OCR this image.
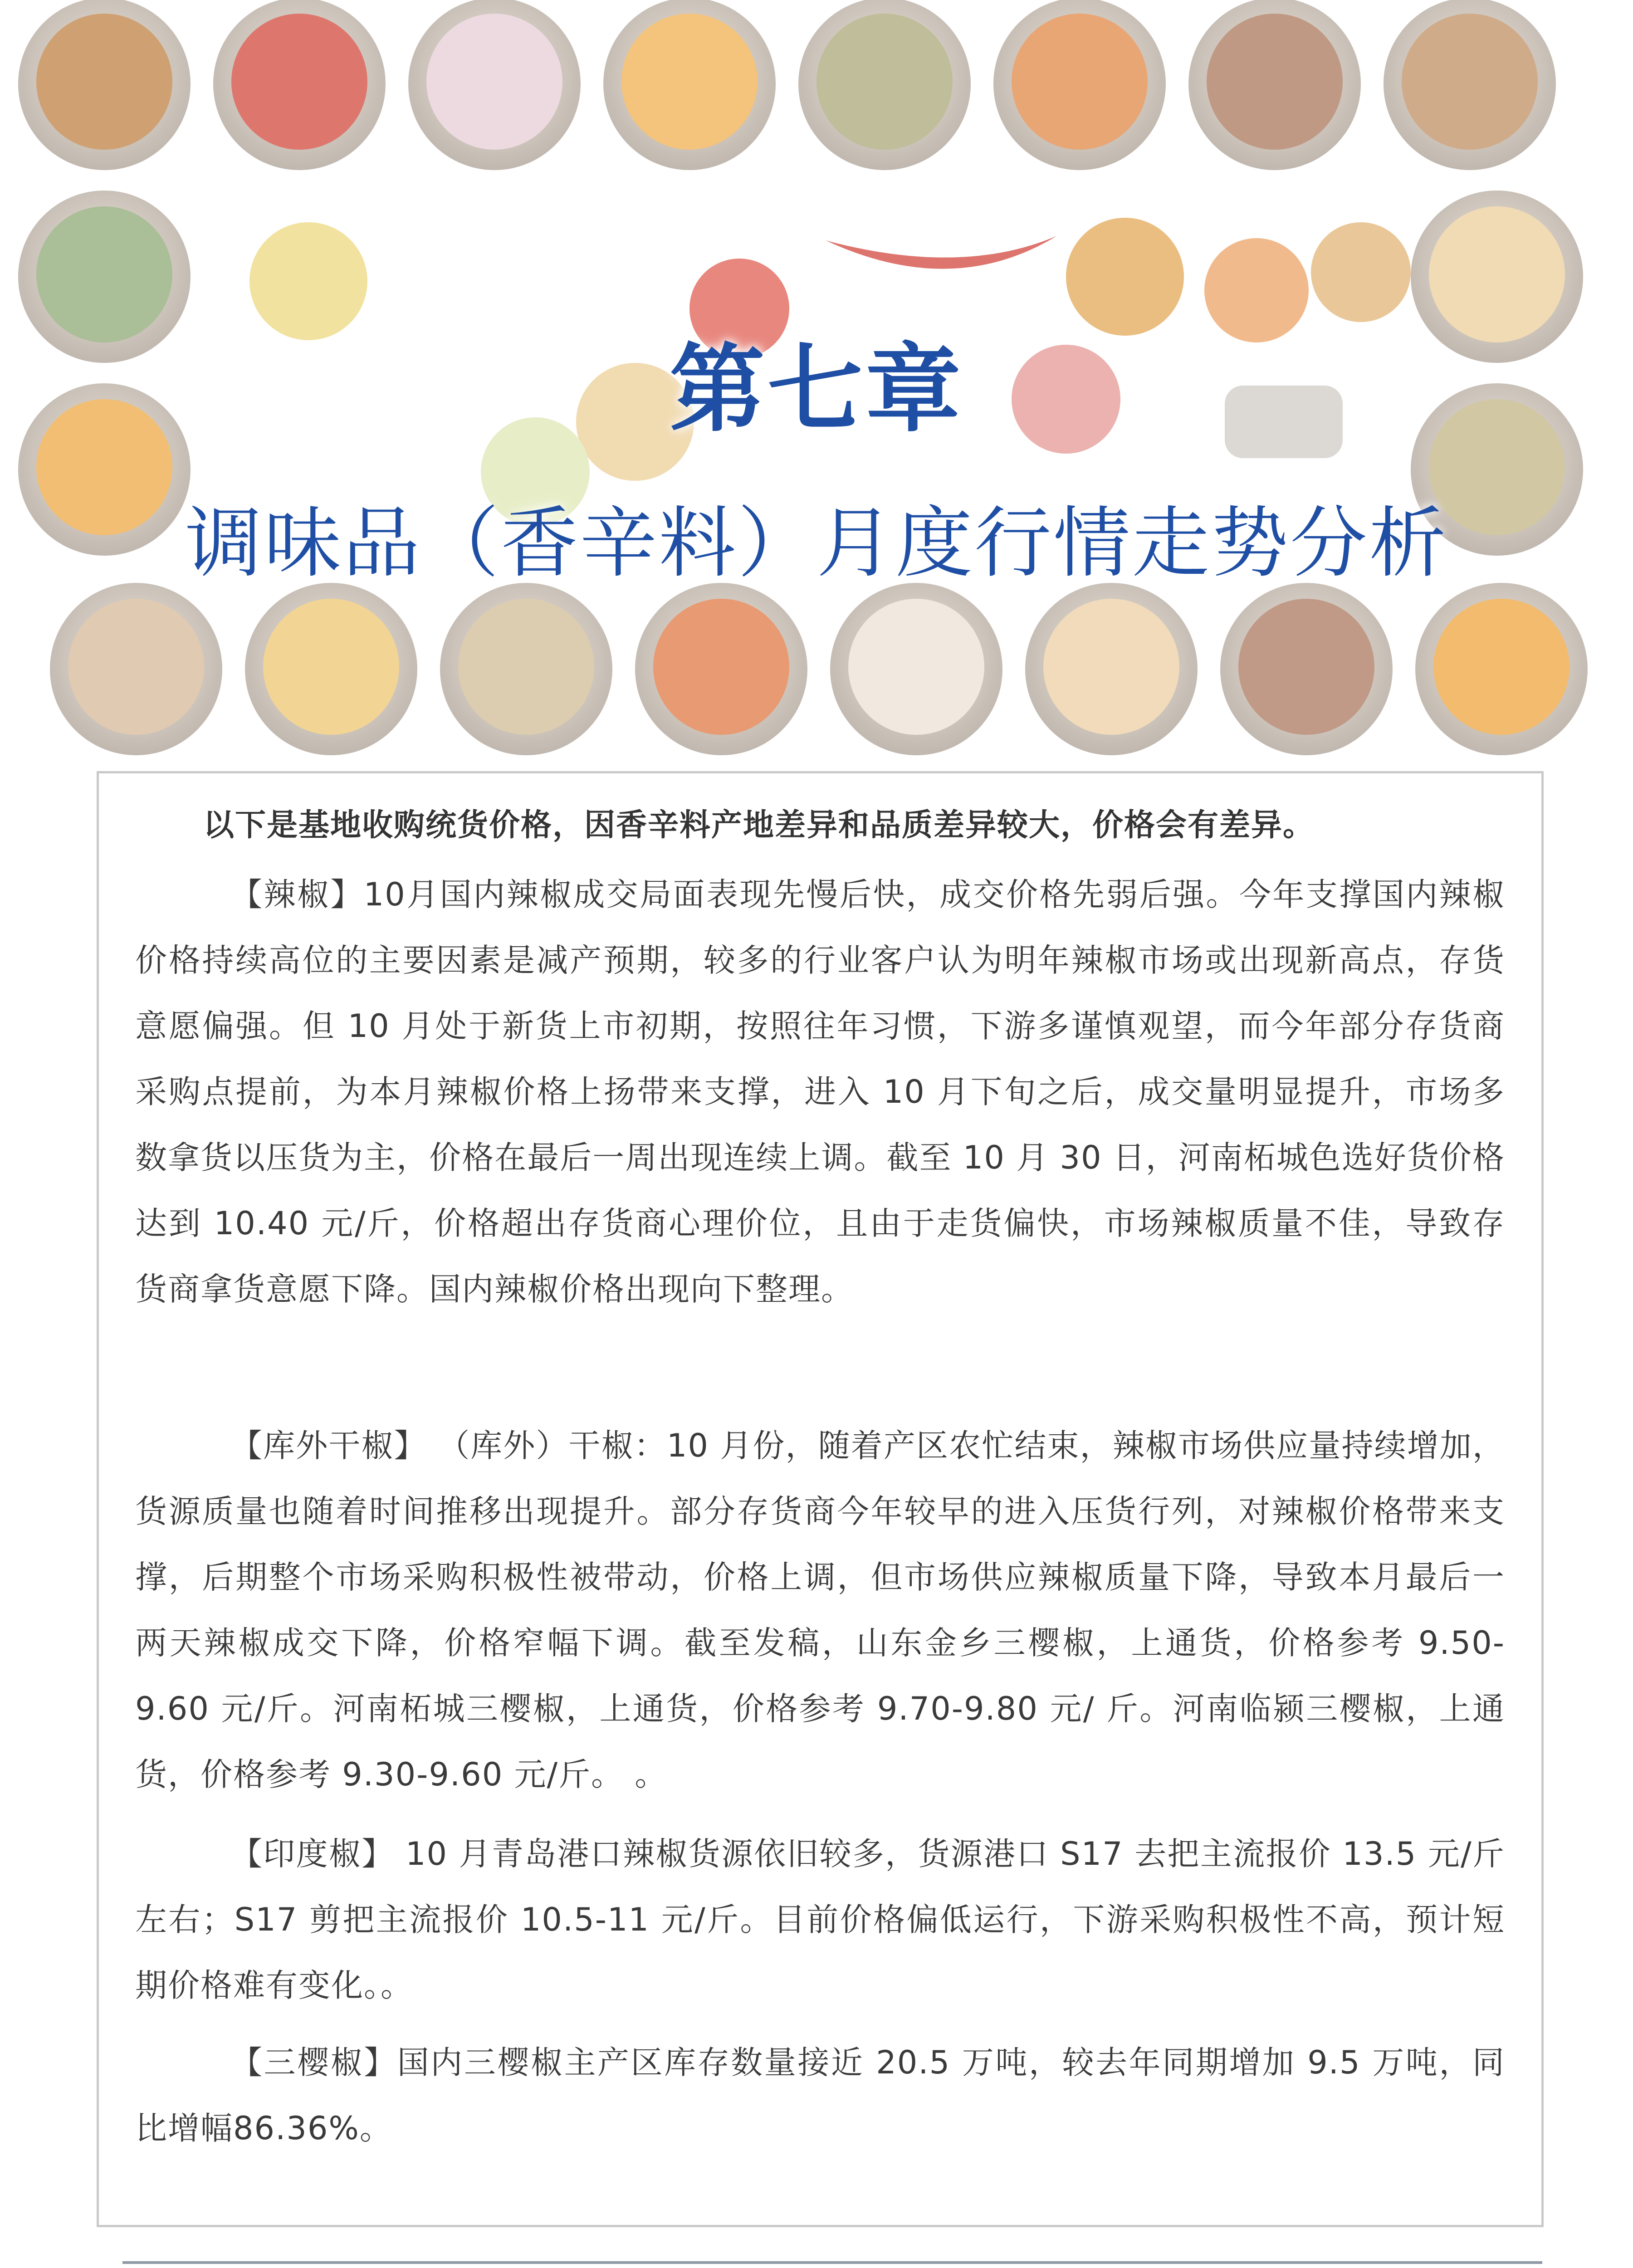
第七章
调味品（香辛料）月度行情走势分析
以下是基地收购统货价格，因香辛料产地差异和品质差异较大，价格会有差异。
【辣椒】10月国内辣椒成交局面表现先慢后快，成交价格先弱后强。今年支撑国内辣椒价格持续高位的主要因素是减产预期，较多的行业客户认为明年辣椒市场或出现新高点，存货意愿偏强。但 10 月处于新货上市初期，按照往年习惯，下游多谨慎观望，而今年部分存货商采购点提前，为本月辣椒价格上扬带来支撑，进入 10 月下旬之后，成交量明显提升，市场多数拿货以压货为主，价格在最后一周出现连续上调。截至 10 月 30 日，河南柘城色选好货价格达到 10.40 元/斤，价格超出存货商心理价位，且由于走货偏快，市场辣椒质量不佳，导致存货商拿货意愿下降。国内辣椒价格出现向下整理。
【库外干椒】 （库外）干椒：10 月份，随着产区农忙结束，辣椒市场供应量持续增加，货源质量也随着时间推移出现提升。部分存货商今年较早的进入压货行列，对辣椒价格带来支撑，后期整个市场采购积极性被带动，价格上调，但市场供应辣椒质量下降，导致本月最后一两天辣椒成交下降，价格窄幅下调。截至发稿，山东金乡三樱椒，上通货，价格参考 9.50-9.60 元/斤。河南柘城三樱椒，上通货，价格参考 9.70-9.80 元/ 斤。河南临颍三樱椒，上通货，价格参考 9.30-9.60 元/斤。 。
【印度椒】 10 月青岛港口辣椒货源依旧较多，货源港口 S17 去把主流报价 13.5 元/斤左右；S17 剪把主流报价 10.5-11 元/斤。目前价格偏低运行，下游采购积极性不高，预计短期价格难有变化。。
【三樱椒】国内三樱椒主产区库存数量接近 20.5 万吨，较去年同期增加 9.5 万吨，同比增幅86.36%。
